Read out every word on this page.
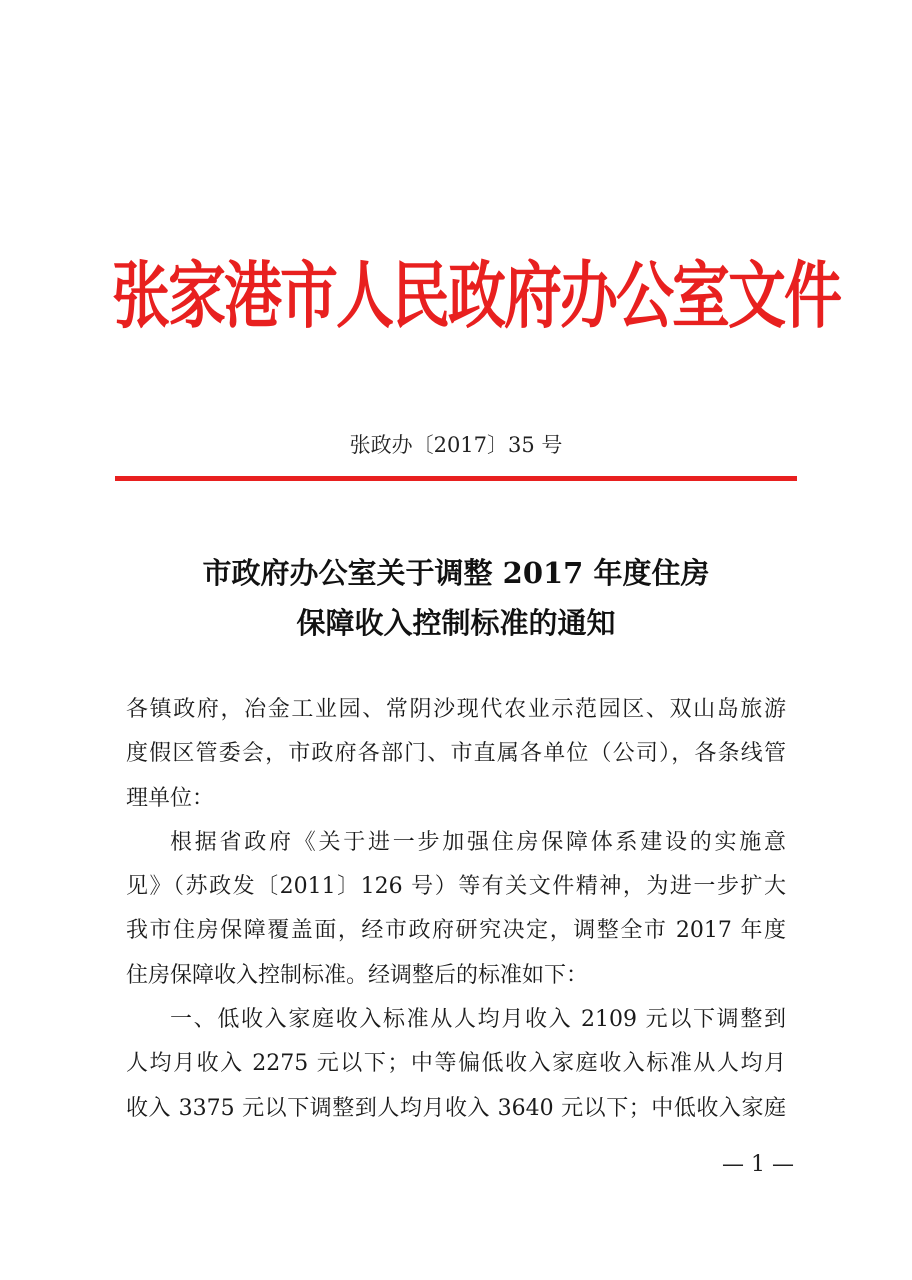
张家港市人民政府办公室文件
张政办〔2017〕35 号
市政府办公室关于调整 2017 年度住房
保障收入控制标准的通知
各镇政府，冶金工业园、常阴沙现代农业示范园区、双山岛旅游
度假区管委会，市政府各部门、市直属各单位（公司），各条线管
理单位：
根据省政府《关于进一步加强住房保障体系建设的实施意
见》（苏政发〔2011〕126 号）等有关文件精神，为进一步扩大
我市住房保障覆盖面，经市政府研究决定，调整全市 2017 年度
住房保障收入控制标准。经调整后的标准如下：
一、低收入家庭收入标准从人均月收入 2109 元以下调整到
人均月收入 2275 元以下；中等偏低收入家庭收入标准从人均月
收入 3375 元以下调整到人均月收入 3640 元以下；中低收入家庭
— 1 —
